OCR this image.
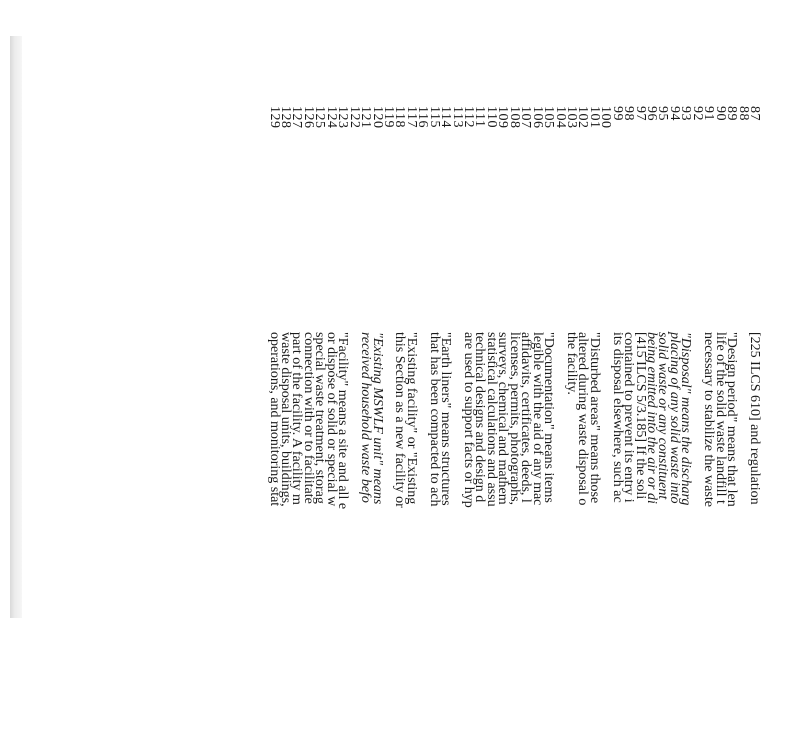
87
88
89
90
91
92
93
94
95
96
97
98
99
100
101
102
103
104
105
106
107
108
109
110
111
112
113
114
115
116
117
118
119
120
121
122
123
124
125
126
127
128
129
[225 ILCS 610] and regulation
"Design period" means that len
life of the solid waste landfill t
necessary to stabilize the waste
"Disposal" means the discharg
placing of any solid waste into
solid waste or any constituent
being emitted into the air or di
[415 ILCS 5/3.185] If the soli
contained to prevent its entry i
its disposal elsewhere, such ac
"Disturbed areas" means those
altered during waste disposal o
the facility.
"Documentation" means items
legible with the aid of any mac
affidavits, certificates, deeds, l
licenses, permits, photographs,
surveys, chemical and mathem
statistical calculations and assu
technical designs and design d
are used to support facts or hyp
"Earth liners" means structures
that has been compacted to ach
"Existing facility" or "Existing
this Section as a new facility or
"Existing MSWLF unit" means
received household waste befo
"Facility" means a site and all e
or dispose of solid or special w
special waste treatment, storag
connection with or to facilitate
part of the facility. A facility m
waste disposal units, buildings,
operations, and monitoring stat
